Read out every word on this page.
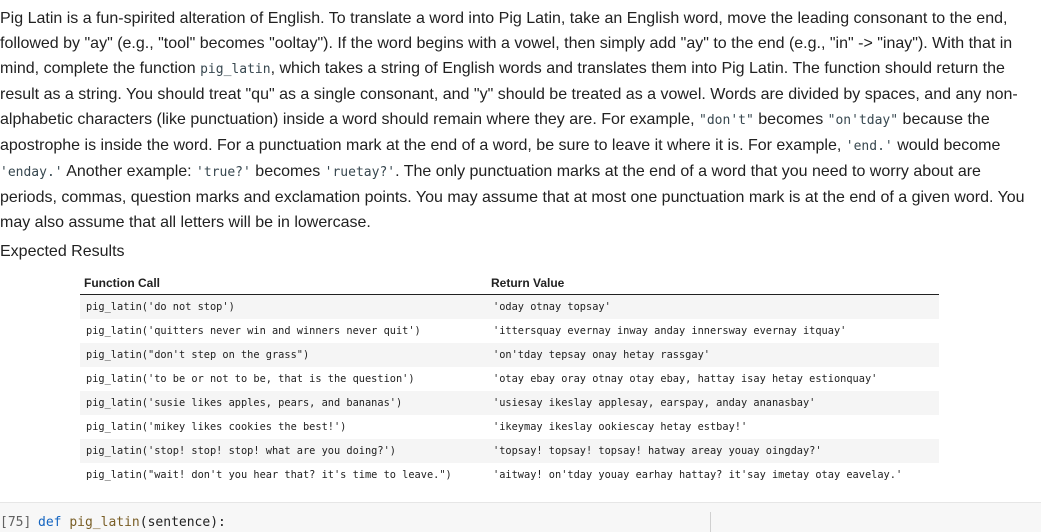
Pig Latin is a fun-spirited alteration of English. To translate a word into Pig Latin, take an English word, move the leading consonant to the end, followed by "ay" (e.g., "tool" becomes "ooltay"). If the word begins with a vowel, then simply add "ay" to the end (e.g., "in" -> "inay"). With that in mind, complete the function pig_latin, which takes a string of English words and translates them into Pig Latin. The function should return the result as a string. You should treat "qu" as a single consonant, and "y" should be treated as a vowel. Words are divided by spaces, and any non-alphabetic characters (like punctuation) inside a word should remain where they are. For example, "don't" becomes "on'tday" because the apostrophe is inside the word. For a punctuation mark at the end of a word, be sure to leave it where it is. For example, 'end.' would become 'enday.' Another example: 'true?' becomes 'ruetay?'. The only punctuation marks at the end of a word that you need to worry about are periods, commas, question marks and exclamation points. You may assume that at most one punctuation mark is at the end of a given word. You may also assume that all letters will be in lowercase.

Expected Results
Function Call	Return Value
pig_latin('do not stop')	'oday otnay topsay'
pig_latin('quitters never win and winners never quit')	'ittersquay evernay inway anday innersway evernay itquay'
pig_latin("don't step on the grass")	'on'tday tepsay onay hetay rassgay'
pig_latin('to be or not to be, that is the question')	'otay ebay oray otnay otay ebay, hattay isay hetay estionquay'
pig_latin('susie likes apples, pears, and bananas')	'usiesay ikeslay applesay, earspay, anday ananasbay'
pig_latin('mikey likes cookies the best!')	'ikeymay ikeslay ookiescay hetay estbay!'
pig_latin('stop! stop! stop! what are you doing?')	'topsay! topsay! topsay! hatway areay youay oingday?'
pig_latin("wait! don't you hear that? it's time to leave.")	'aitway! on'tday youay earhay hattay? it'say imetay otay eavelay.'
[75] def pig_latin(sentence):
